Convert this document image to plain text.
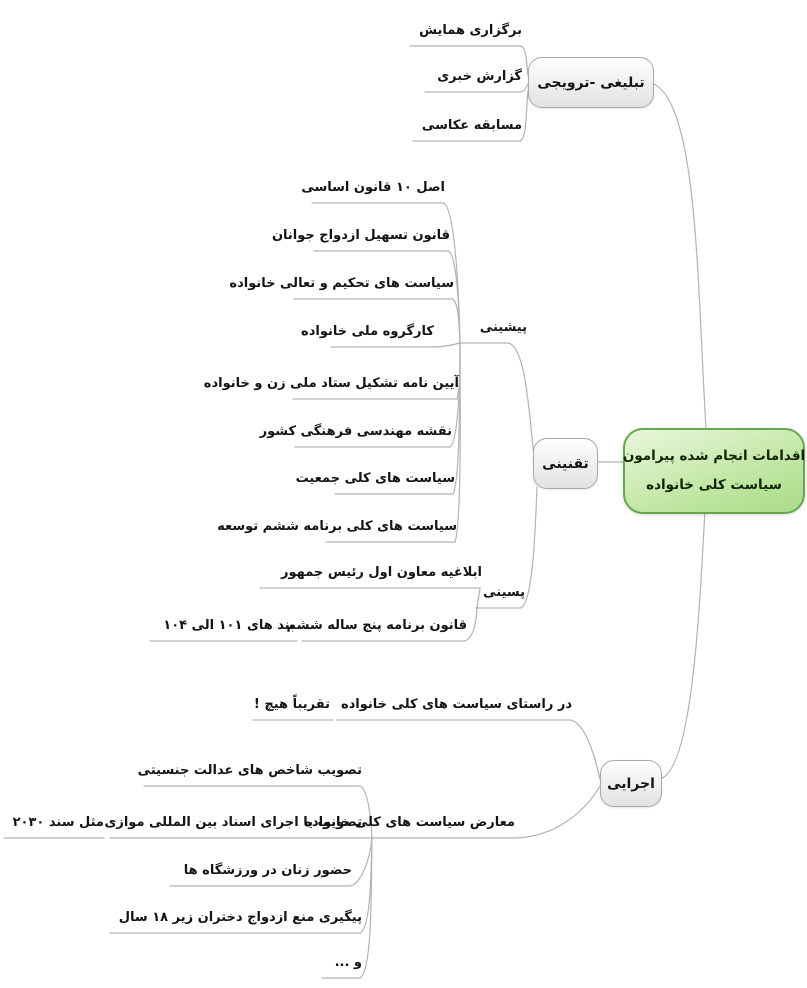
اقدامات انجام شده پیرامون
سیاست کلی خانواده
تبلیغی -ترویجی
تقنینی
اجرایی
برگزاری همایش
گزارش خبری
مسابقه عکاسی
پیشینی
اصل ۱۰ قانون اساسی
قانون تسهیل ازدواج جوانان
سیاست های تحکیم و تعالی خانواده
کارگروه ملی خانواده
آیین نامه تشکیل ستاد ملی زن و خانواده
نقشه مهندسی فرهنگی کشور
سیاست های کلی جمعیت
سیاست های کلی برنامه ششم توسعه
پسینی
ابلاغیه معاون اول رئیس جمهور
قانون برنامه پنج ساله ششم
بند های ۱۰۱ الی ۱۰۴
در راستای سیاست های کلی خانواده
تقریباً هیچ !
معارض سیاست های کلی خانواده
تصویب شاخص های عدالت جنسیتی
تصویب یا اجرای اسناد بین المللی موازی
مثل سند ۲۰۳۰
حضور زنان در ورزشگاه ها
پیگیری منع ازدواج دختران زیر ۱۸ سال
و ...
